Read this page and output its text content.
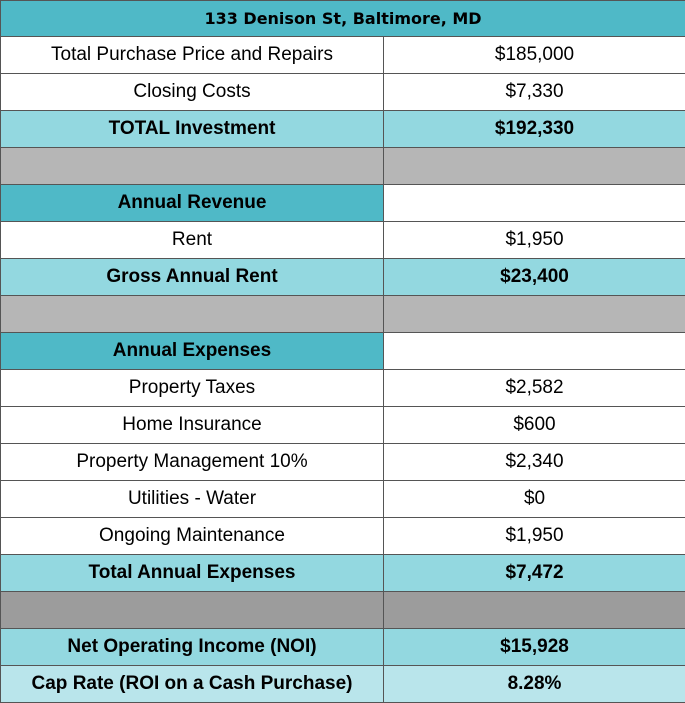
133 Denison St, Baltimore, MD	
Total Purchase Price and Repairs	$185,000
Closing Costs	$7,330
TOTAL Investment	$192,330

Annual Revenue	
Rent	$1,950
Gross Annual Rent	$23,400

Annual Expenses	
Property Taxes	$2,582
Home Insurance	$600
Property Management 10%	$2,340
Utilities - Water	$0
Ongoing Maintenance	$1,950
Total Annual Expenses	$7,472

Net Operating Income (NOI)	$15,928
Cap Rate (ROI on a Cash Purchase)	8.28%
